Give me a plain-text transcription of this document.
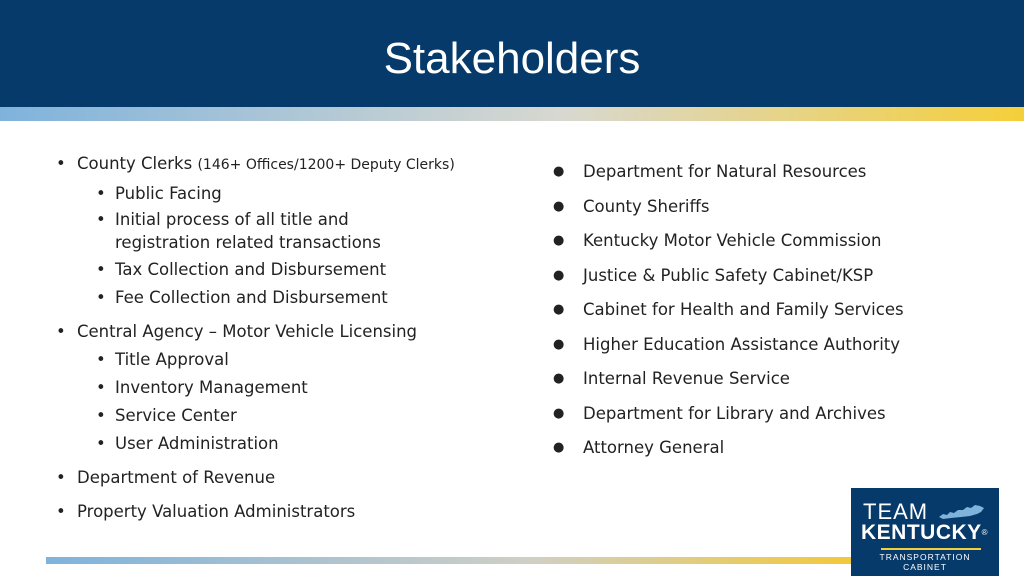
Stakeholders
• County Clerks (146+ Offices/1200+ Deputy Clerks)
• Public Facing
• Initial process of all title and registration related transactions
• Tax Collection and Disbursement
• Fee Collection and Disbursement
• Central Agency – Motor Vehicle Licensing
• Title Approval
• Inventory Management
• Service Center
• User Administration
• Department of Revenue
• Property Valuation Administrators
● Department for Natural Resources
● County Sheriffs
● Kentucky Motor Vehicle Commission
● Justice & Public Safety Cabinet/KSP
● Cabinet for Health and Family Services
● Higher Education Assistance Authority
● Internal Revenue Service
● Department for Library and Archives
● Attorney General
TEAM
KENTUCKY®
TRANSPORTATION
CABINET
